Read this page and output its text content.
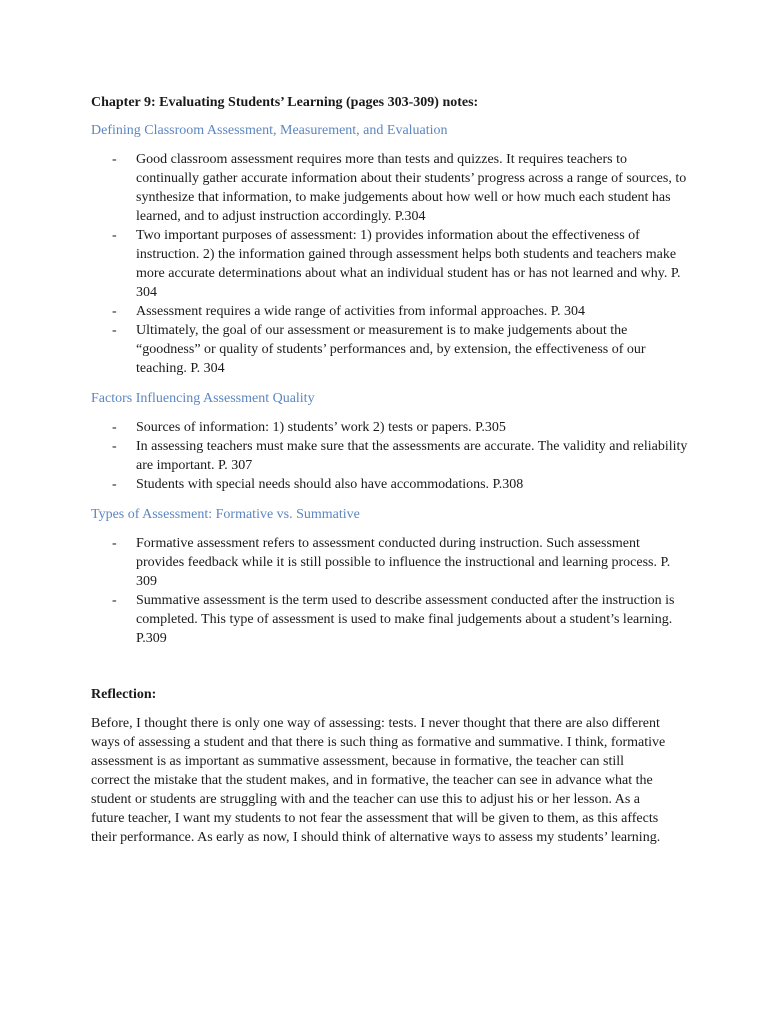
Chapter 9: Evaluating Students’ Learning (pages 303-309) notes:
Defining Classroom Assessment, Measurement, and Evaluation
- Good classroom assessment requires more than tests and quizzes. It requires teachers to continually gather accurate information about their students’ progress across a range of sources, to synthesize that information, to make judgements about how well or how much each student has learned, and to adjust instruction accordingly. P.304
- Two important purposes of assessment: 1) provides information about the effectiveness of instruction. 2) the information gained through assessment helps both students and teachers make more accurate determinations about what an individual student has or has not learned and why. P. 304
- Assessment requires a wide range of activities from informal approaches. P. 304
- Ultimately, the goal of our assessment or measurement is to make judgements about the “goodness” or quality of students’ performances and, by extension, the effectiveness of our teaching. P. 304
Factors Influencing Assessment Quality
- Sources of information: 1) students’ work 2) tests or papers. P.305
- In assessing teachers must make sure that the assessments are accurate. The validity and reliability are important. P. 307
- Students with special needs should also have accommodations. P.308
Types of Assessment: Formative vs. Summative
- Formative assessment refers to assessment conducted during instruction. Such assessment provides feedback while it is still possible to influence the instructional and learning process. P. 309
- Summative assessment is the term used to describe assessment conducted after the instruction is completed. This type of assessment is used to make final judgements about a student’s learning. P.309
Reflection:

Before, I thought there is only one way of assessing: tests. I never thought that there are also different ways of assessing a student and that there is such thing as formative and summative. I think, formative assessment is as important as summative assessment, because in formative, the teacher can still correct the mistake that the student makes, and in formative, the teacher can see in advance what the student or students are struggling with and the teacher can use this to adjust his or her lesson. As a future teacher, I want my students to not fear the assessment that will be given to them, as this affects their performance. As early as now, I should think of alternative ways to assess my students’ learning.
